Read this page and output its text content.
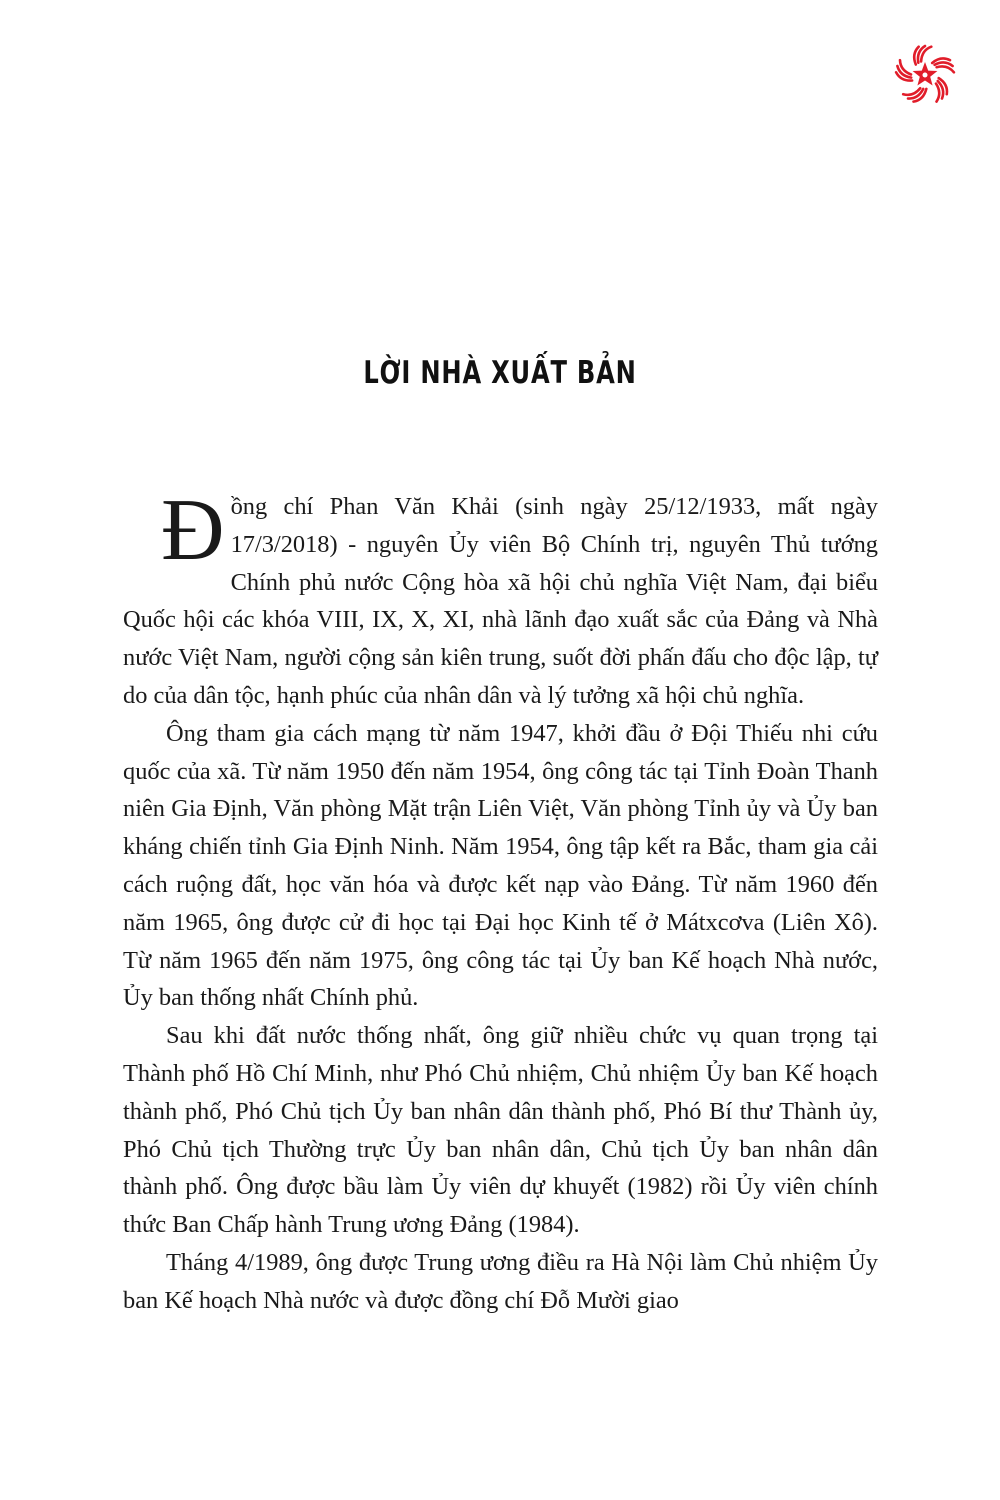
LỜI NHÀ XUẤT BẢN

Đồng chí Phan Văn Khải (sinh ngày 25/12/1933, mất ngày 17/3/2018) - nguyên Ủy viên Bộ Chính trị, nguyên Thủ tướng Chính phủ nước Cộng hòa xã hội chủ nghĩa Việt Nam, đại biểu Quốc hội các khóa VIII, IX, X, XI, nhà lãnh đạo xuất sắc của Đảng và Nhà nước Việt Nam, người cộng sản kiên trung, suốt đời phấn đấu cho độc lập, tự do của dân tộc, hạnh phúc của nhân dân và lý tưởng xã hội chủ nghĩa.

Ông tham gia cách mạng từ năm 1947, khởi đầu ở Đội Thiếu nhi cứu quốc của xã. Từ năm 1950 đến năm 1954, ông công tác tại Tỉnh Đoàn Thanh niên Gia Định, Văn phòng Mặt trận Liên Việt, Văn phòng Tỉnh ủy và Ủy ban kháng chiến tỉnh Gia Định Ninh. Năm 1954, ông tập kết ra Bắc, tham gia cải cách ruộng đất, học văn hóa và được kết nạp vào Đảng. Từ năm 1960 đến năm 1965, ông được cử đi học tại Đại học Kinh tế ở Mátxcơva (Liên Xô). Từ năm 1965 đến năm 1975, ông công tác tại Ủy ban Kế hoạch Nhà nước, Ủy ban thống nhất Chính phủ.

Sau khi đất nước thống nhất, ông giữ nhiều chức vụ quan trọng tại Thành phố Hồ Chí Minh, như Phó Chủ nhiệm, Chủ nhiệm Ủy ban Kế hoạch thành phố, Phó Chủ tịch Ủy ban nhân dân thành phố, Phó Bí thư Thành ủy, Phó Chủ tịch Thường trực Ủy ban nhân dân, Chủ tịch Ủy ban nhân dân thành phố. Ông được bầu làm Ủy viên dự khuyết (1982) rồi Ủy viên chính thức Ban Chấp hành Trung ương Đảng (1984).

Tháng 4/1989, ông được Trung ương điều ra Hà Nội làm Chủ nhiệm Ủy ban Kế hoạch Nhà nước và được đồng chí Đỗ Mười giao
